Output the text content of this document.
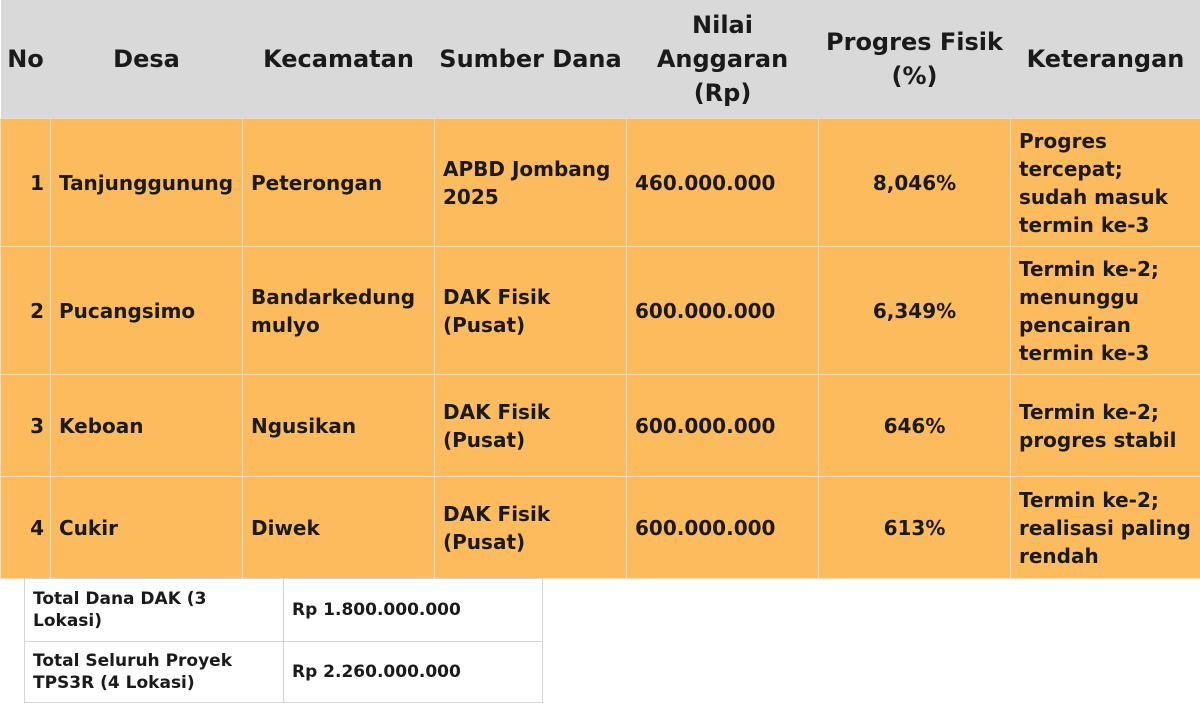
No	Desa	Kecamatan	Sumber Dana	Nilai Anggaran (Rp)	Progres Fisik (%)	Keterangan
1	Tanjunggunung	Peterongan	APBD Jombang 2025	460.000.000	8,046%	Progres tercepat; sudah masuk termin ke-3
2	Pucangsimo	Bandarkedung mulyo	DAK Fisik (Pusat)	600.000.000	6,349%	Termin ke-2; menunggu pencairan termin ke-3
3	Keboan	Ngusikan	DAK Fisik (Pusat)	600.000.000	646%	Termin ke-2; progres stabil
4	Cukir	Diwek	DAK Fisik (Pusat)	600.000.000	613%	Termin ke-2; realisasi paling rendah
Total Dana DAK (3 Lokasi)	Rp 1.800.000.000
Total Seluruh Proyek TPS3R (4 Lokasi)	Rp 2.260.000.000
